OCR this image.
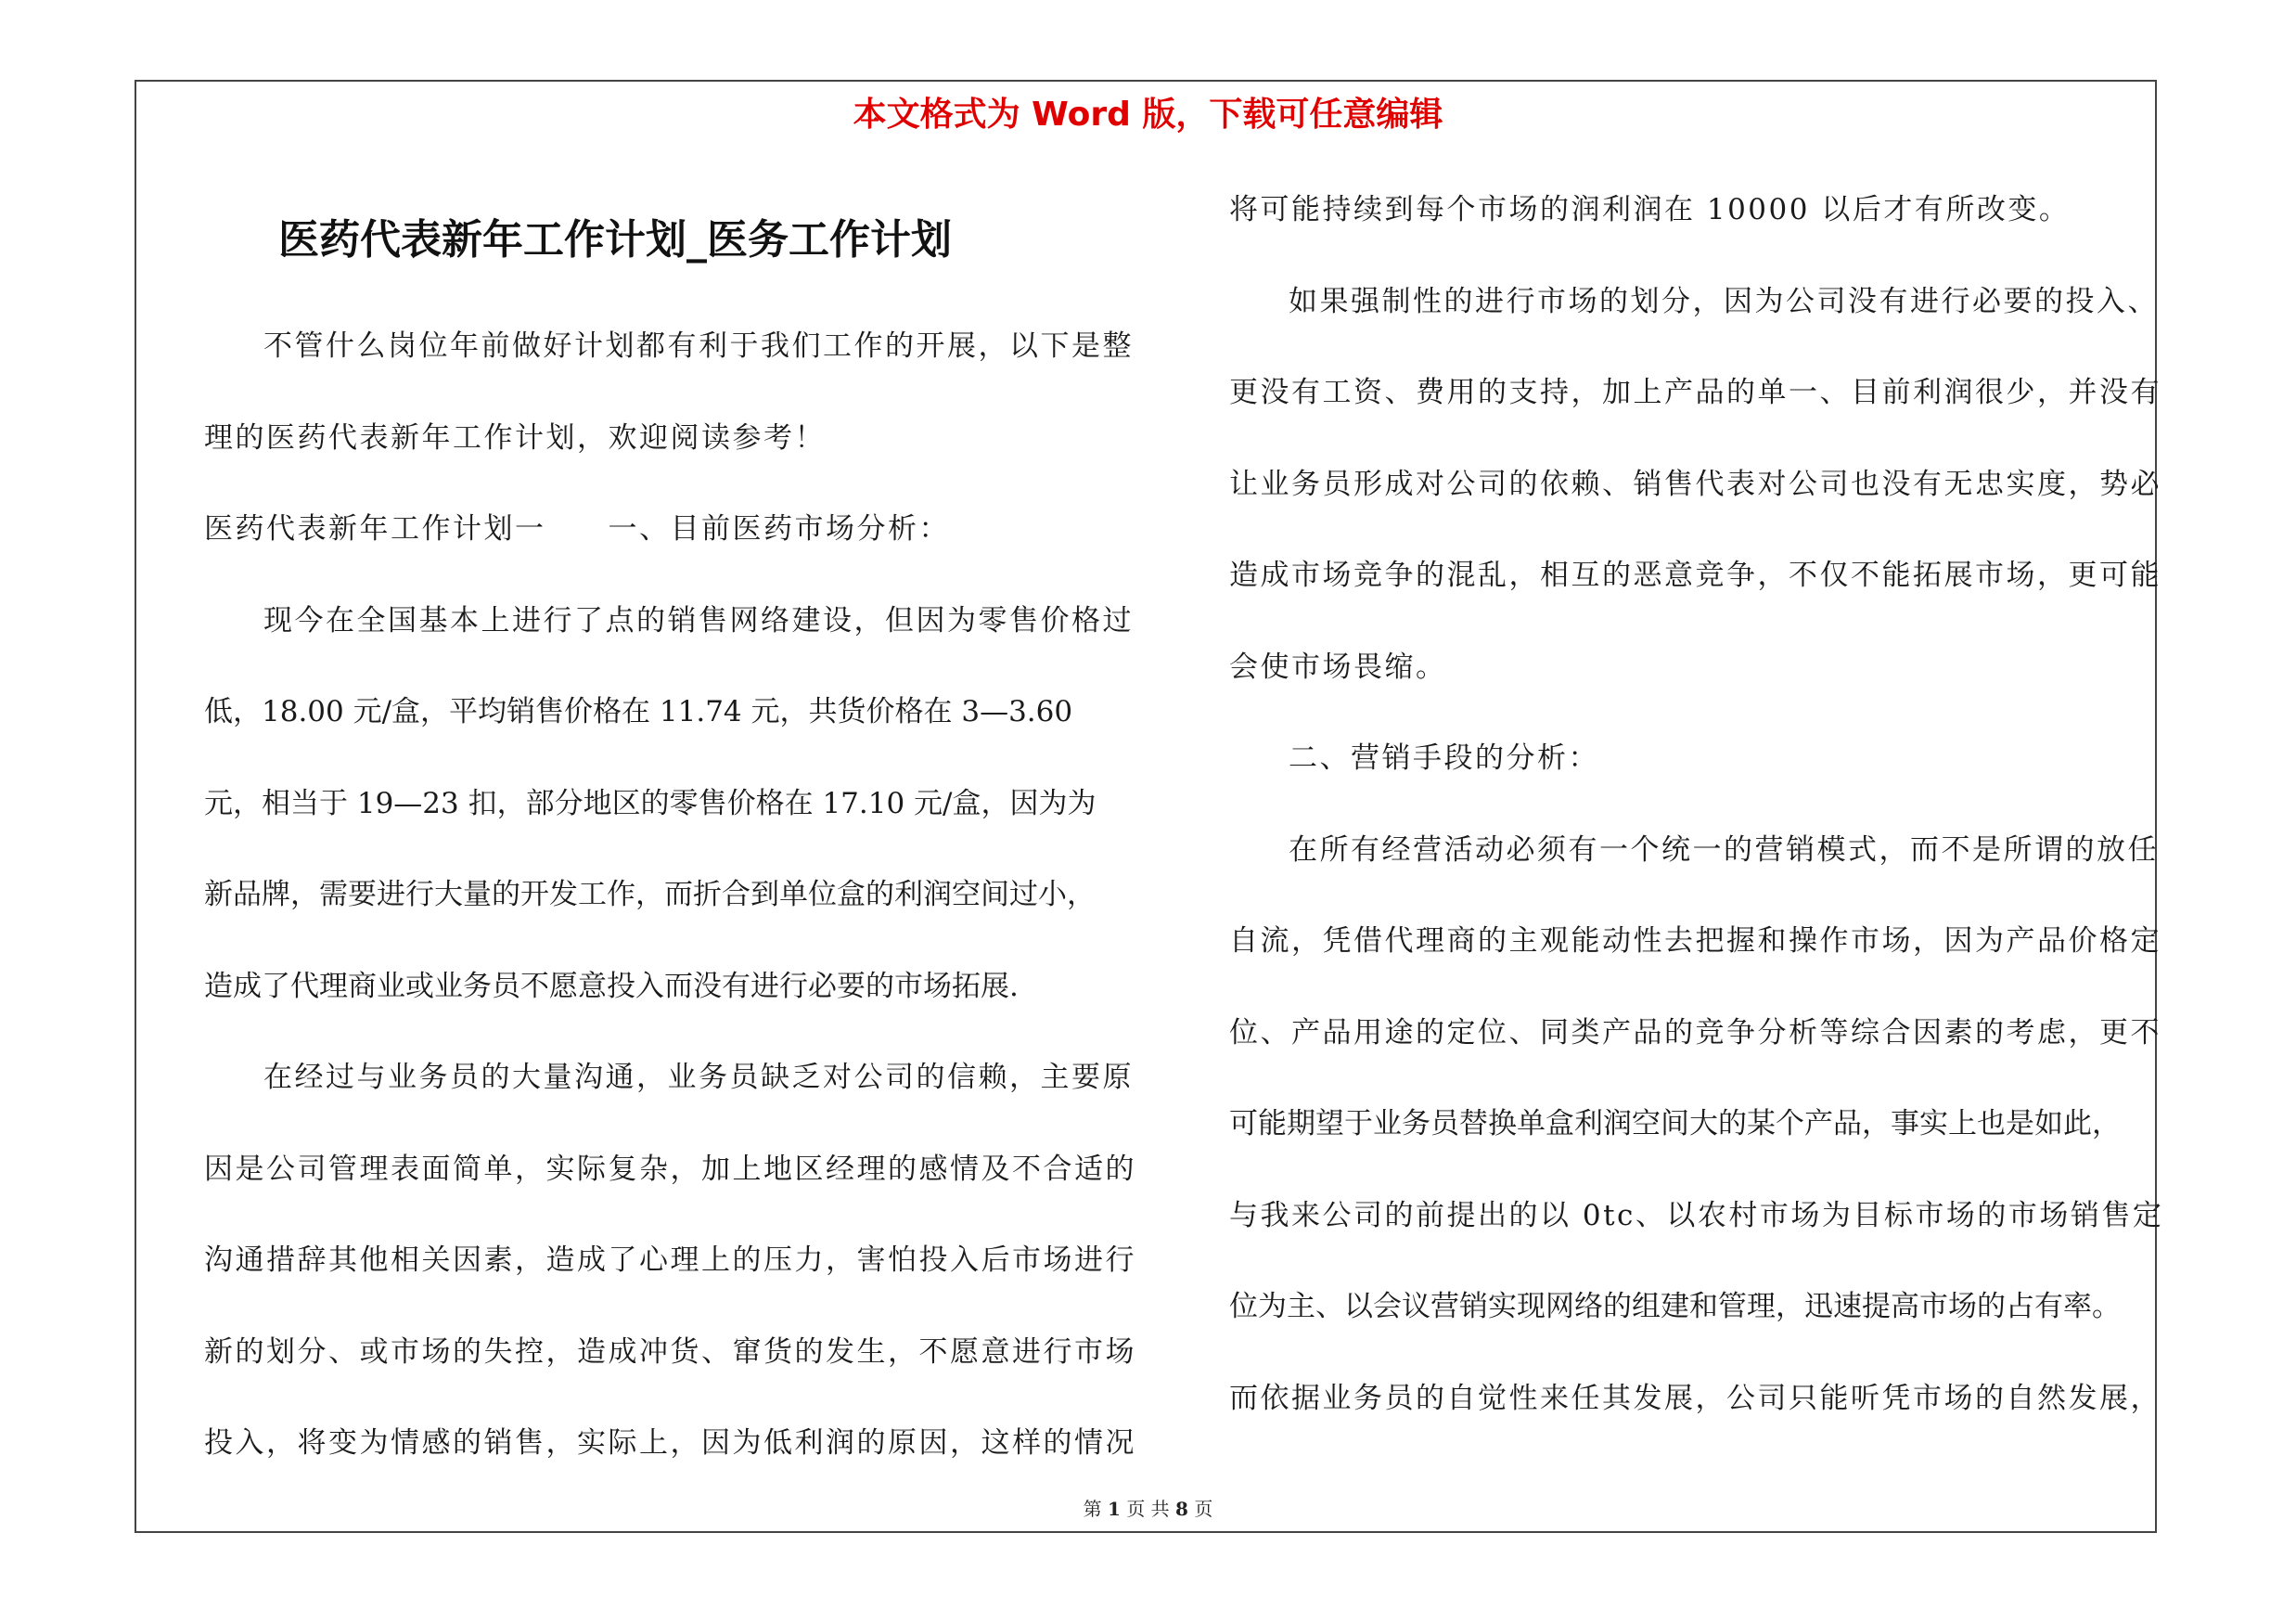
本文格式为 Word 版，下载可任意编辑
医药代表新年工作计划_医务工作计划
不管什么岗位年前做好计划都有利于我们工作的开展，以下是整
理的医药代表新年工作计划，欢迎阅读参考！
医药代表新年工作计划一　　一、目前医药市场分析：
现今在全国基本上进行了点的销售网络建设，但因为零售价格过
低，18.00 元/盒，平均销售价格在 11.74 元，共货价格在 3—3.60
元，相当于 19—23 扣，部分地区的零售价格在 17.10 元/盒，因为为
新品牌，需要进行大量的开发工作，而折合到单位盒的利润空间过小，
造成了代理商业或业务员不愿意投入而没有进行必要的市场拓展.
在经过与业务员的大量沟通，业务员缺乏对公司的信赖，主要原
因是公司管理表面简单，实际复杂，加上地区经理的感情及不合适的
沟通措辞其他相关因素，造成了心理上的压力，害怕投入后市场进行
新的划分、或市场的失控，造成冲货、窜货的发生，不愿意进行市场
投入，将变为情感的销售，实际上，因为低利润的原因，这样的情况
将可能持续到每个市场的润利润在 10000 以后才有所改变。
如果强制性的进行市场的划分，因为公司没有进行必要的投入、
更没有工资、费用的支持，加上产品的单一、目前利润很少，并没有
让业务员形成对公司的依赖、销售代表对公司也没有无忠实度，势必
造成市场竞争的混乱，相互的恶意竞争，不仅不能拓展市场，更可能
会使市场畏缩。
二、营销手段的分析：
在所有经营活动必须有一个统一的营销模式，而不是所谓的放任
自流，凭借代理商的主观能动性去把握和操作市场，因为产品价格定
位、产品用途的定位、同类产品的竞争分析等综合因素的考虑，更不
可能期望于业务员替换单盒利润空间大的某个产品，事实上也是如此，
与我来公司的前提出的以 0tc、以农村市场为目标市场的市场销售定
位为主、以会议营销实现网络的组建和管理，迅速提高市场的占有率。
而依据业务员的自觉性来任其发展，公司只能听凭市场的自然发展，
第 1 页 共 8 页
